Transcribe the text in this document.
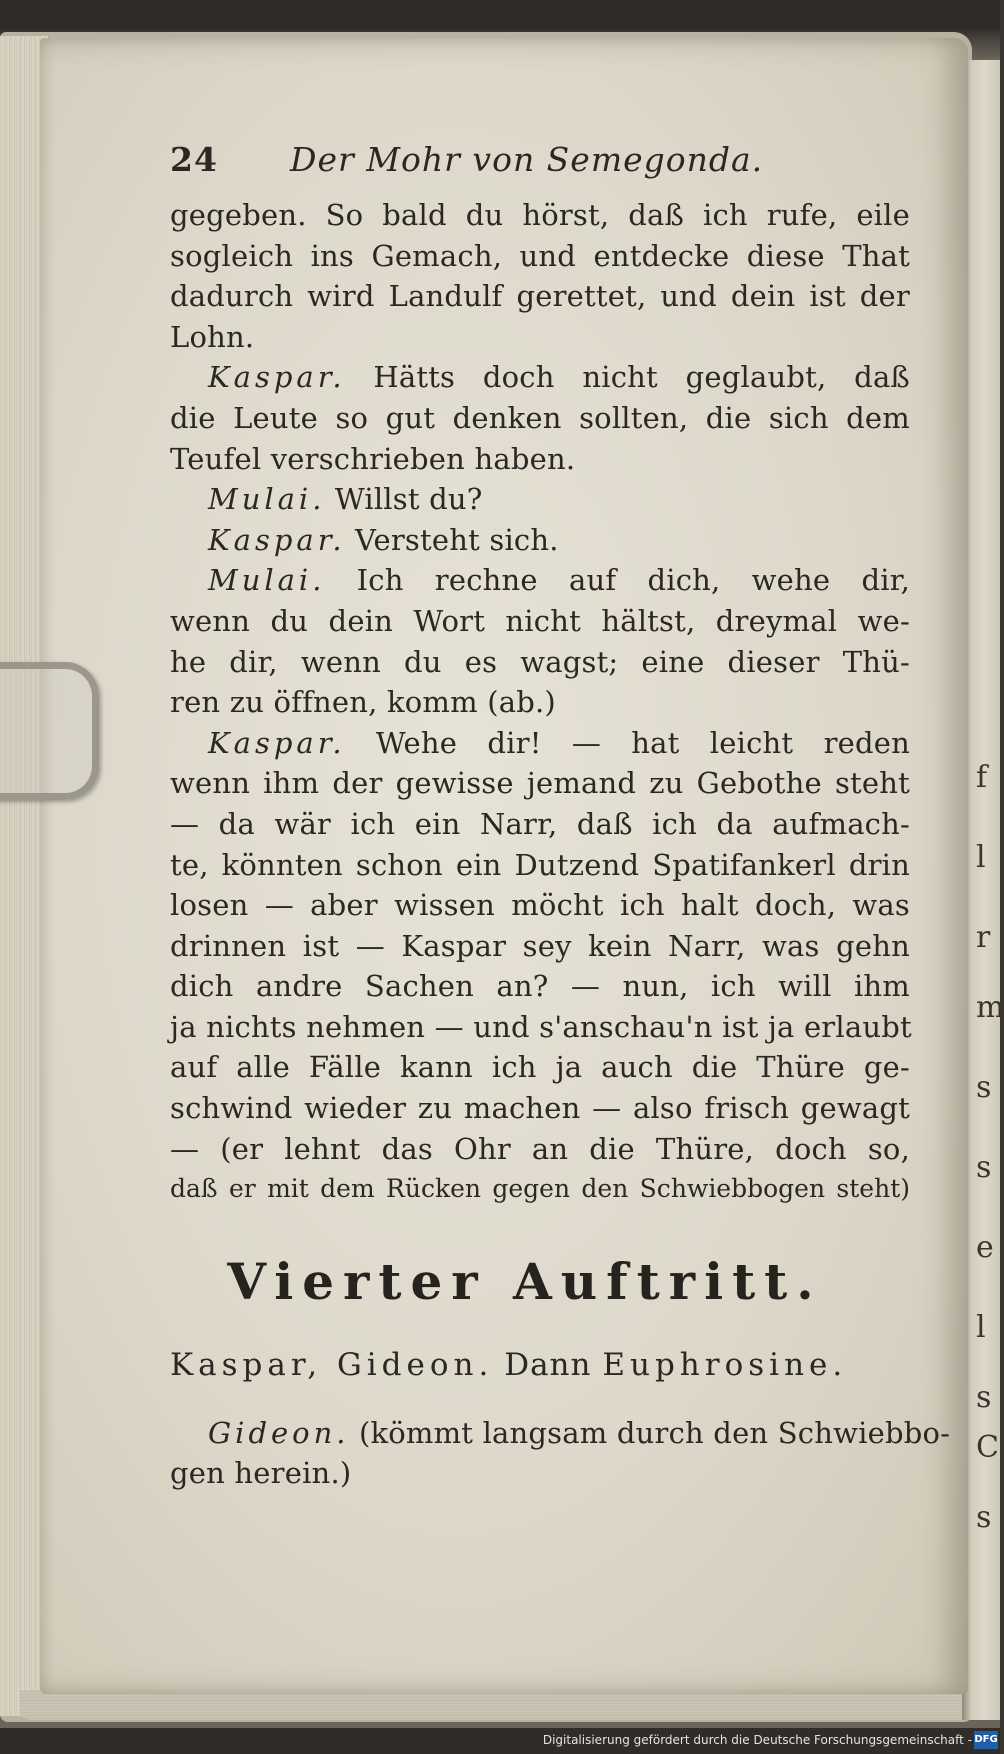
f
l
r
m
s
s
e
l
s
C
s
24	Der Mohr von Semegonda.
gegeben. So bald du hörst, daß ich rufe, eile
sogleich ins Gemach, und entdecke diese That
dadurch wird Landulf gerettet, und dein ist der
Lohn.
Kaspar. Hätts doch nicht geglaubt, daß
die Leute so gut denken sollten, die sich dem
Teufel verschrieben haben.
Mulai. Willst du?
Kaspar. Versteht sich.
Mulai. Ich rechne auf dich, wehe dir,
wenn du dein Wort nicht hältst, dreymal we-
he dir, wenn du es wagst; eine dieser Thü-
ren zu öffnen, komm (ab.)
Kaspar. Wehe dir! — hat leicht reden
wenn ihm der gewisse jemand zu Gebothe steht
— da wär ich ein Narr, daß ich da aufmach-
te, könnten schon ein Dutzend Spatifankerl drin
losen — aber wissen möcht ich halt doch, was
drinnen ist — Kaspar sey kein Narr, was gehn
dich andre Sachen an? — nun, ich will ihm
ja nichts nehmen — und s'anschau'n ist ja erlaubt
auf alle Fälle kann ich ja auch die Thüre ge-
schwind wieder zu machen — also frisch gewagt
— (er lehnt das Ohr an die Thüre, doch so,
daß er mit dem Rücken gegen den Schwiebbogen steht)
Vierter Auftritt.
Kaspar, Gideon. Dann Euphrosine.
Gideon. (kömmt langsam durch den Schwiebbo-
gen herein.)
Digitalisierung gefördert durch die Deutsche Forschungsgemeinschaft - DFG
